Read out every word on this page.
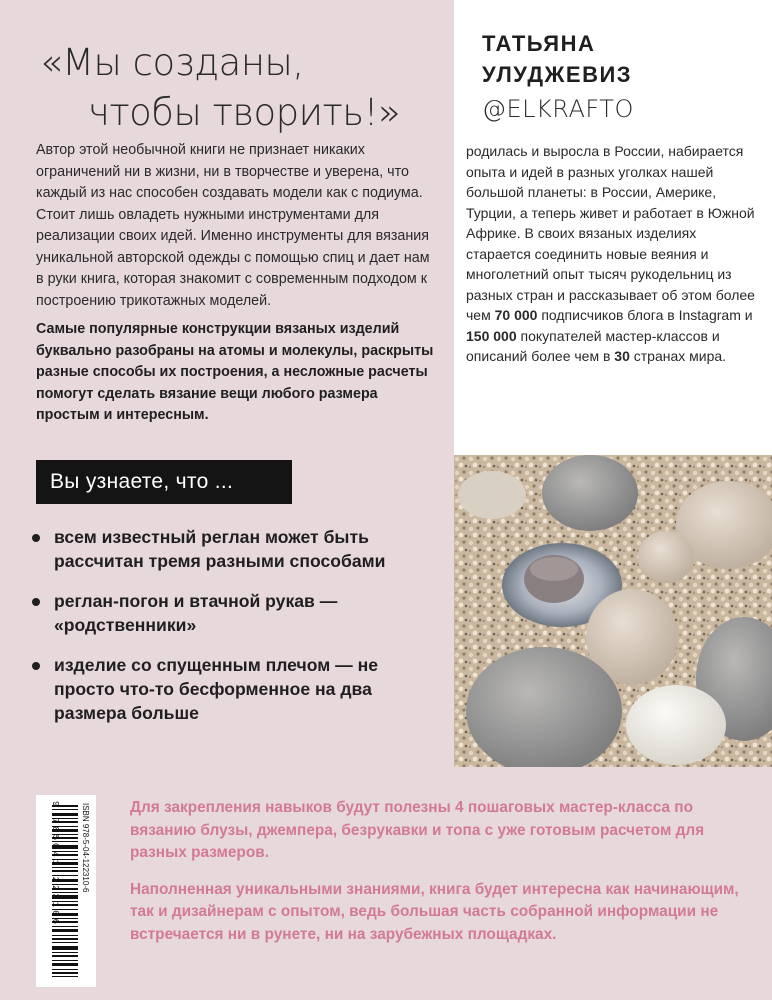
«Мы созданы,
чтобы творить!»

Автор этой необычной книги не признает никаких ограничений ни в жизни, ни в творчестве и уверена, что каждый из нас способен создавать модели как с подиума. Стоит лишь овладеть нужными инструментами для реализации своих идей. Именно инструменты для вязания уникальной авторской одежды с помощью спиц и дает нам в руки книга, которая знакомит с современным подходом к построению трикотажных моделей.

Самые популярные конструкции вязаных изделий буквально разобраны на атомы и молекулы, раскрыты разные способы их построения, а несложные расчеты помогут сделать вязание вещи любого размера простым и интересным.

Вы узнаете, что ...
всем известный реглан может быть рассчитан тремя разными способами
реглан-погон и втачной рукав — «родственники»
изделие со спущенным плечом — не просто что-то бесформенное на два размера больше
ТАТЬЯНА
УЛУДЖЕВИЗ
@ELKRAFTO
родилась и выросла в России, набирается опыта и идей в разных уголках нашей большой планеты: в России, Америке, Турции, а теперь живет и работает в Южной Африке. В своих вязаных изделиях старается соединить новые веяния и многолетний опыт тысяч рукодельниц из разных стран и рассказывает об этом более чем 70 000 подписчиков блога в Instagram и 150 000 покупателей мастер-классов и описаний более чем в 30 странах мира.
ISBN 978-5-04-122310-6
9 785041 223106	Для закрепления навыков будут полезны 4 пошаговых мастер-класса по вязанию блузы, джемпера, безрукавки и топа с уже готовым расчетом для разных размеров.

Наполненная уникальными знаниями, книга будет интересна как начинающим, так и дизайнерам с опытом, ведь большая часть собранной информации не встречается ни в рунете, ни на зарубежных площадках.
